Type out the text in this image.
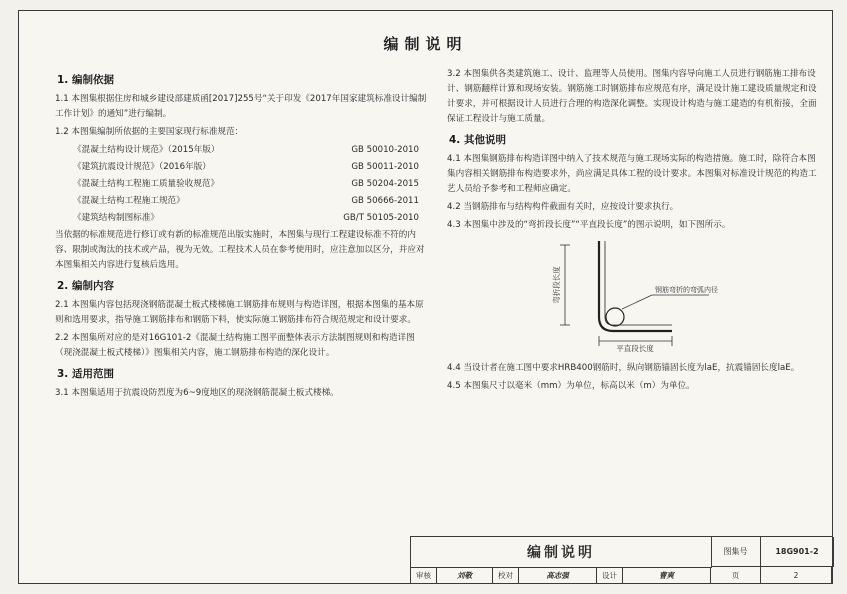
编制说明
1. 编制依据

1.1 本图集根据住房和城乡建设部建质函[2017]255号“关于印发《2017年国家建筑标准设计编制工作计划》的通知”进行编制。

1.2 本图集编制所依据的主要国家现行标准规范：

《混凝土结构设计规范》（2015年版）	GB 50010-2010
《建筑抗震设计规范》（2016年版）	GB 50011-2010
《混凝土结构工程施工质量验收规范》	GB 50204-2015
《混凝土结构工程施工规范》	GB 50666-2011
《建筑结构制图标准》	GB/T 50105-2010

当依据的标准规范进行修订或有新的标准规范出版实施时，本图集与现行工程建设标准不符的内容、限制或淘汰的技术或产品，视为无效。工程技术人员在参考使用时，应注意加以区分，并应对本图集相关内容进行复核后选用。

2. 编制内容

2.1 本图集内容包括现浇钢筋混凝土板式楼梯施工钢筋排布规则与构造详图，根据本图集的基本原则和选用要求，指导施工钢筋排布和钢筋下料，使实际施工钢筋排布符合规范规定和设计要求。

2.2 本图集所对应的是对16G101-2《混凝土结构施工图平面整体表示方法制图规则和构造详图（现浇混凝土板式楼梯）》图集相关内容，施工钢筋排布构造的深化设计。

3. 适用范围

3.1 本图集适用于抗震设防烈度为6~9度地区的现浇钢筋混凝土板式楼梯。

3.2 本图集供各类建筑施工、设计、监理等人员使用。图集内容导向施工人员进行钢筋施工排布设计、钢筋翻样计算和现场安装。钢筋施工时钢筋排布应规范有序，满足设计施工建设质量规定和设计要求，并可根据设计人员进行合理的构造深化调整。实现设计构造与施工建造的有机衔接，全面保证工程设计与施工质量。

4. 其他说明

4.1 本图集钢筋排布构造详图中纳入了技术规范与施工现场实际的构造措施。施工时，除符合本图集内容相关钢筋排布构造要求外，尚应满足具体工程的设计要求。本图集对标准设计规范的构造工艺人员给予参考和工程师应确定。

4.2 当钢筋排布与结构构件截面有关时，应按设计要求执行。

4.3 本图集中涉及的“弯折段长度”“平直段长度”的图示说明，如下图所示。

弯折段长度
平直段长度
钢筋弯折的弯弧内径

4.4 当设计者在施工图中要求HRB400钢筋时，纵向钢筋锚固长度为laE，抗震锚固长度laE。

4.5 本图集尺寸以毫米（mm）为单位，标高以米（m）为单位。

编制说明	图集号	18G901-2
审核	刘敬	校对	高志强	设计	曹爽	页	2
